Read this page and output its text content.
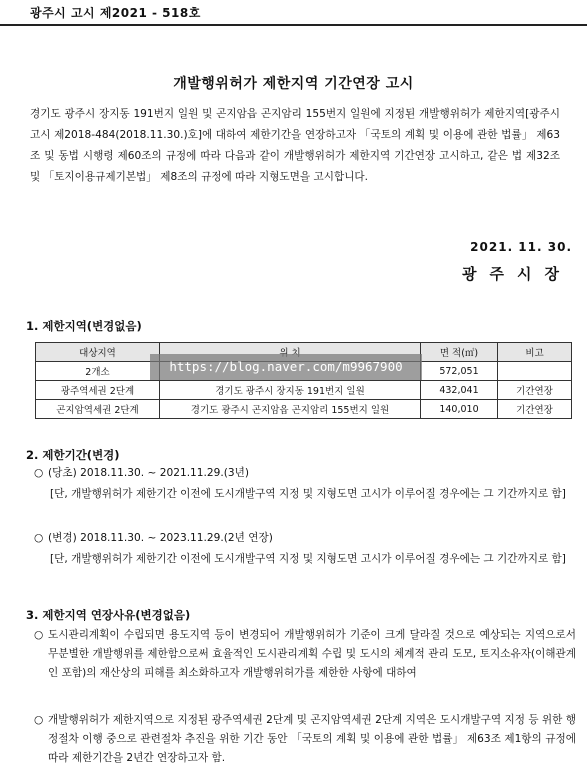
광주시 고시 제2021 - 518호
개발행위허가 제한지역 기간연장 고시
경기도 광주시 장지동 191번지 일원 및 곤지암읍 곤지암리 155번지 일원에 지정된 개발행위허가 제한지역[광주시 고시 제2018-484(2018.11.30.)호]에 대하여 제한기간을 연장하고자 「국토의 계획 및 이용에 관한 법률」 제63조 및 동법 시행령 제60조의 규정에 따라 다음과 같이 개발행위허가 제한지역 기간연장 고시하고, 같은 법 제32조 및 「토지이용규제기본법」 제8조의 규정에 따라 지형도면을 고시합니다.
2021. 11. 30.
광주시장
1. 제한지역(변경없음)
대상지역		면 적(㎡)	비고
2개소		572,051	
광주역세권 2단계	경기도 광주시 장지동 191번지 일원	432,041	기간연장
곤지암역세권 2단계	경기도 광주시 곤지암읍 곤지암리 155번지 일원	140,010	기간연장
https://blog.naver.com/m9967900
2. 제한기간(변경)
○ (당초) 2018.11.30. ~ 2021.11.29.(3년)
[단, 개발행위허가 제한기간 이전에 도시개발구역 지정 및 지형도면 고시가 이루어질 경우에는 그 기간까지로 함]
○ (변경) 2018.11.30. ~ 2023.11.29.(2년 연장)
[단, 개발행위허가 제한기간 이전에 도시개발구역 지정 및 지형도면 고시가 이루어질 경우에는 그 기간까지로 함]
3. 제한지역 연장사유(변경없음)
○ 도시관리계획이 수립되면 용도지역 등이 변경되어 개발행위허가 기준이 크게 달라질 것으로 예상되는 지역으로서 무분별한 개발행위를 제한함으로써 효율적인 도시관리계획 수립 및 도시의 체계적 관리 도모, 토지소유자(이해관계인 포함)의 재산상의 피해를 최소화하고자 개발행위허가를 제한한 사항에 대하여
○ 개발행위허가 제한지역으로 지정된 광주역세권 2단계 및 곤지암역세권 2단계 지역은 도시개발구역 지정 등 위한 행정절차 이행 중으로 관련절차 추진을 위한 기간 동안 「국토의 계획 및 이용에 관한 법률」 제63조 제1항의 규정에 따라 제한기간을 2년간 연장하고자 함.
